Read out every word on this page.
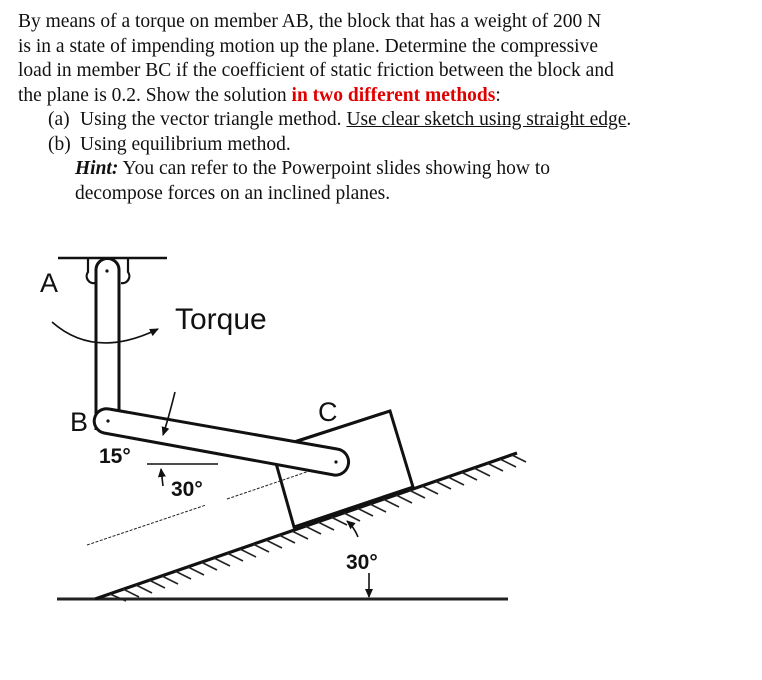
By means of a torque on member AB, the block that has a weight of 200 N
is in a state of impending motion up the plane. Determine the compressive
load in member BC if the coefficient of static friction between the block and
the plane is 0.2. Show the solution in two different methods:

(a) Using the vector triangle method. Use clear sketch using straight edge.

(b) Using equilibrium method.

Hint: You can refer to the Powerpoint slides showing how to
decompose forces on an inclined planes.

A
B	C
Torque
15°
30°
30°
